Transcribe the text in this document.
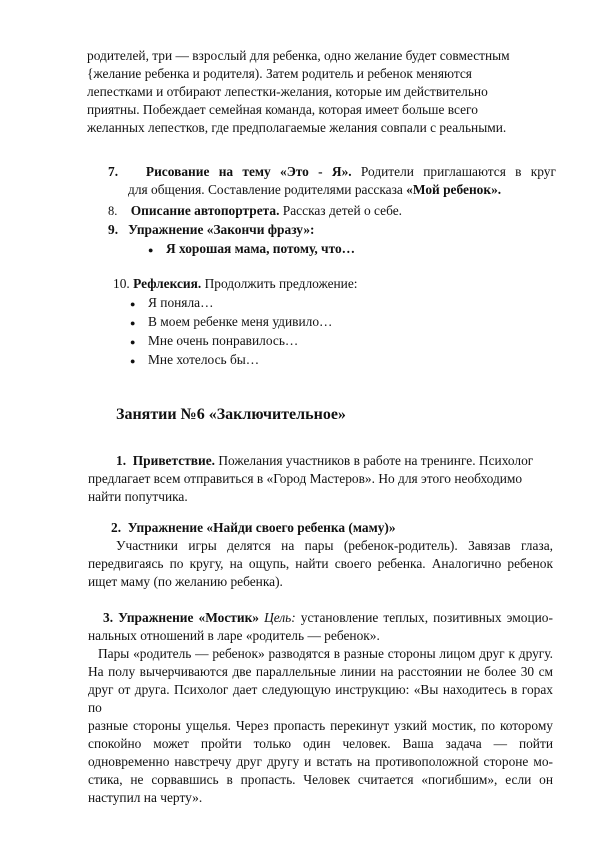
родителей, три — взрослый для ребенка, одно желание будет совместным
{желание ребенка и родителя). Затем родитель и ребенок меняются
лепестками и отбирают лепестки-желания, которые им действительно
приятны. Побеждает семейная команда, которая имеет больше всего
желанных лепестков, где предполагаемые желания совпали с реальными.
7. Рисование на тему «Это - Я». Родители приглашаются в круг
для общения. Составление родителями рассказа «Мой ребенок».
8. Описание автопортрета. Рассказ детей о себе.
9. Упражнение «Закончи фразу»:
● Я хорошая мама, потому, что…
10. Рефлексия. Продолжить предложение:
● Я поняла…
● В моем ребенке меня удивило…
● Мне очень понравилось…
● Мне хотелось бы…
Занятии №6 «Заключительное»
1. Приветствие. Пожелания участников в работе на тренинге. Психолог
предлагает всем отправиться в «Город Мастеров». Но для этого необходимо
найти попутчика.
2. Упражнение «Найди своего ребенка (маму)»
Участники игры делятся на пары (ребенок-родитель). Завязав глаза,
передвигаясь по кругу, на ощупь, найти своего ребенка. Аналогично ребенок
ищет маму (по желанию ребенка).
3. Упражнение «Мостик» Цель: установление теплых, позитивных эмоцио-
нальных отношений в ларе «родитель — ребенок».
Пары «родитель — ребенок» разводятся в разные стороны лицом друг к другу.
На полу вычерчиваются две параллельные линии на расстоянии не более 30 см
друг от друга. Психолог дает следующую инструкцию: «Вы находитесь в горах по
разные стороны ущелья. Через пропасть перекинут узкий мостик, по которому
спокойно может пройти только один человек. Ваша задача — пойти
одновременно навстречу друг другу и встать на противоположной стороне мо-
стика, не сорвавшись в пропасть. Человек считается «погибшим», если он
наступил на черту».
